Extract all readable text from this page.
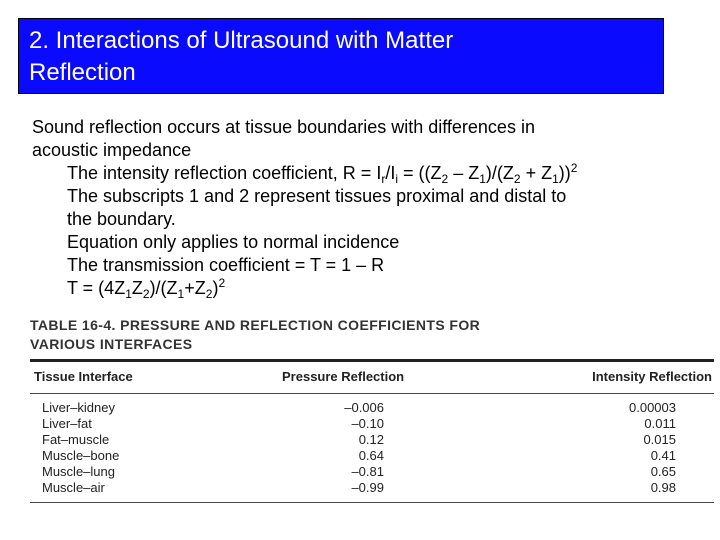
2. Interactions of Ultrasound with Matter
Reflection
Sound reflection occurs at tissue boundaries with differences in
acoustic impedance
The intensity reflection coefficient, $R = I_r/I_i = ((Z_2 - Z_1)/(Z_2 + Z_1))^2$
The subscripts 1 and 2 represent tissues proximal and distal to
the boundary.
Equation only applies to normal incidence
The transmission coefficient = T = 1 – R
$T = (4Z_1Z_2)/(Z_1+Z_2)^2$
TABLE 16-4. PRESSURE AND REFLECTION COEFFICIENTS FOR
VARIOUS INTERFACES
Tissue Interface	Pressure Reflection	Intensity Reflection
Liver–kidney	–0.006	0.00003
Liver–fat	–0.10	0.011
Fat–muscle	0.12	0.015
Muscle–bone	0.64	0.41
Muscle–lung	–0.81	0.65
Muscle–air	–0.99	0.98
